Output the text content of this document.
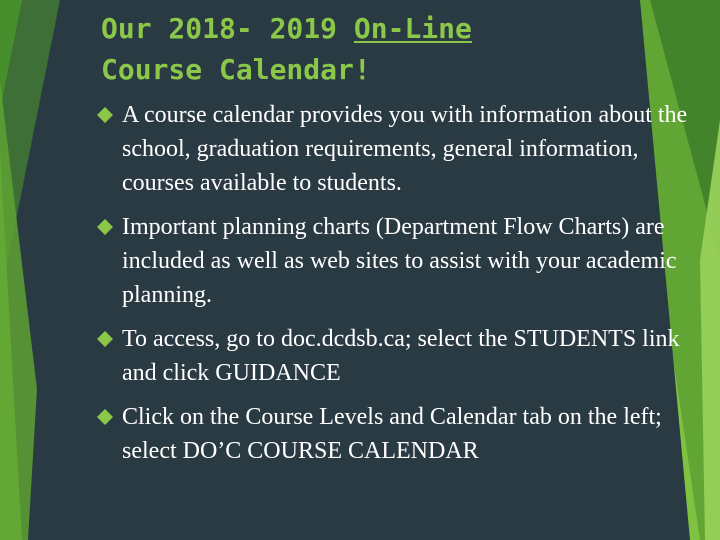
Our 2018- 2019 On-Line
Course Calendar!
A course calendar provides you with information about the school, graduation requirements, general information, courses available to students.
Important planning charts (Department Flow Charts) are included as well as web sites to assist with your academic planning.
To access, go to doc.dcdsb.ca; select the STUDENTS link and click GUIDANCE
Click on the Course Levels and Calendar tab on the left; select DO’C COURSE CALENDAR
